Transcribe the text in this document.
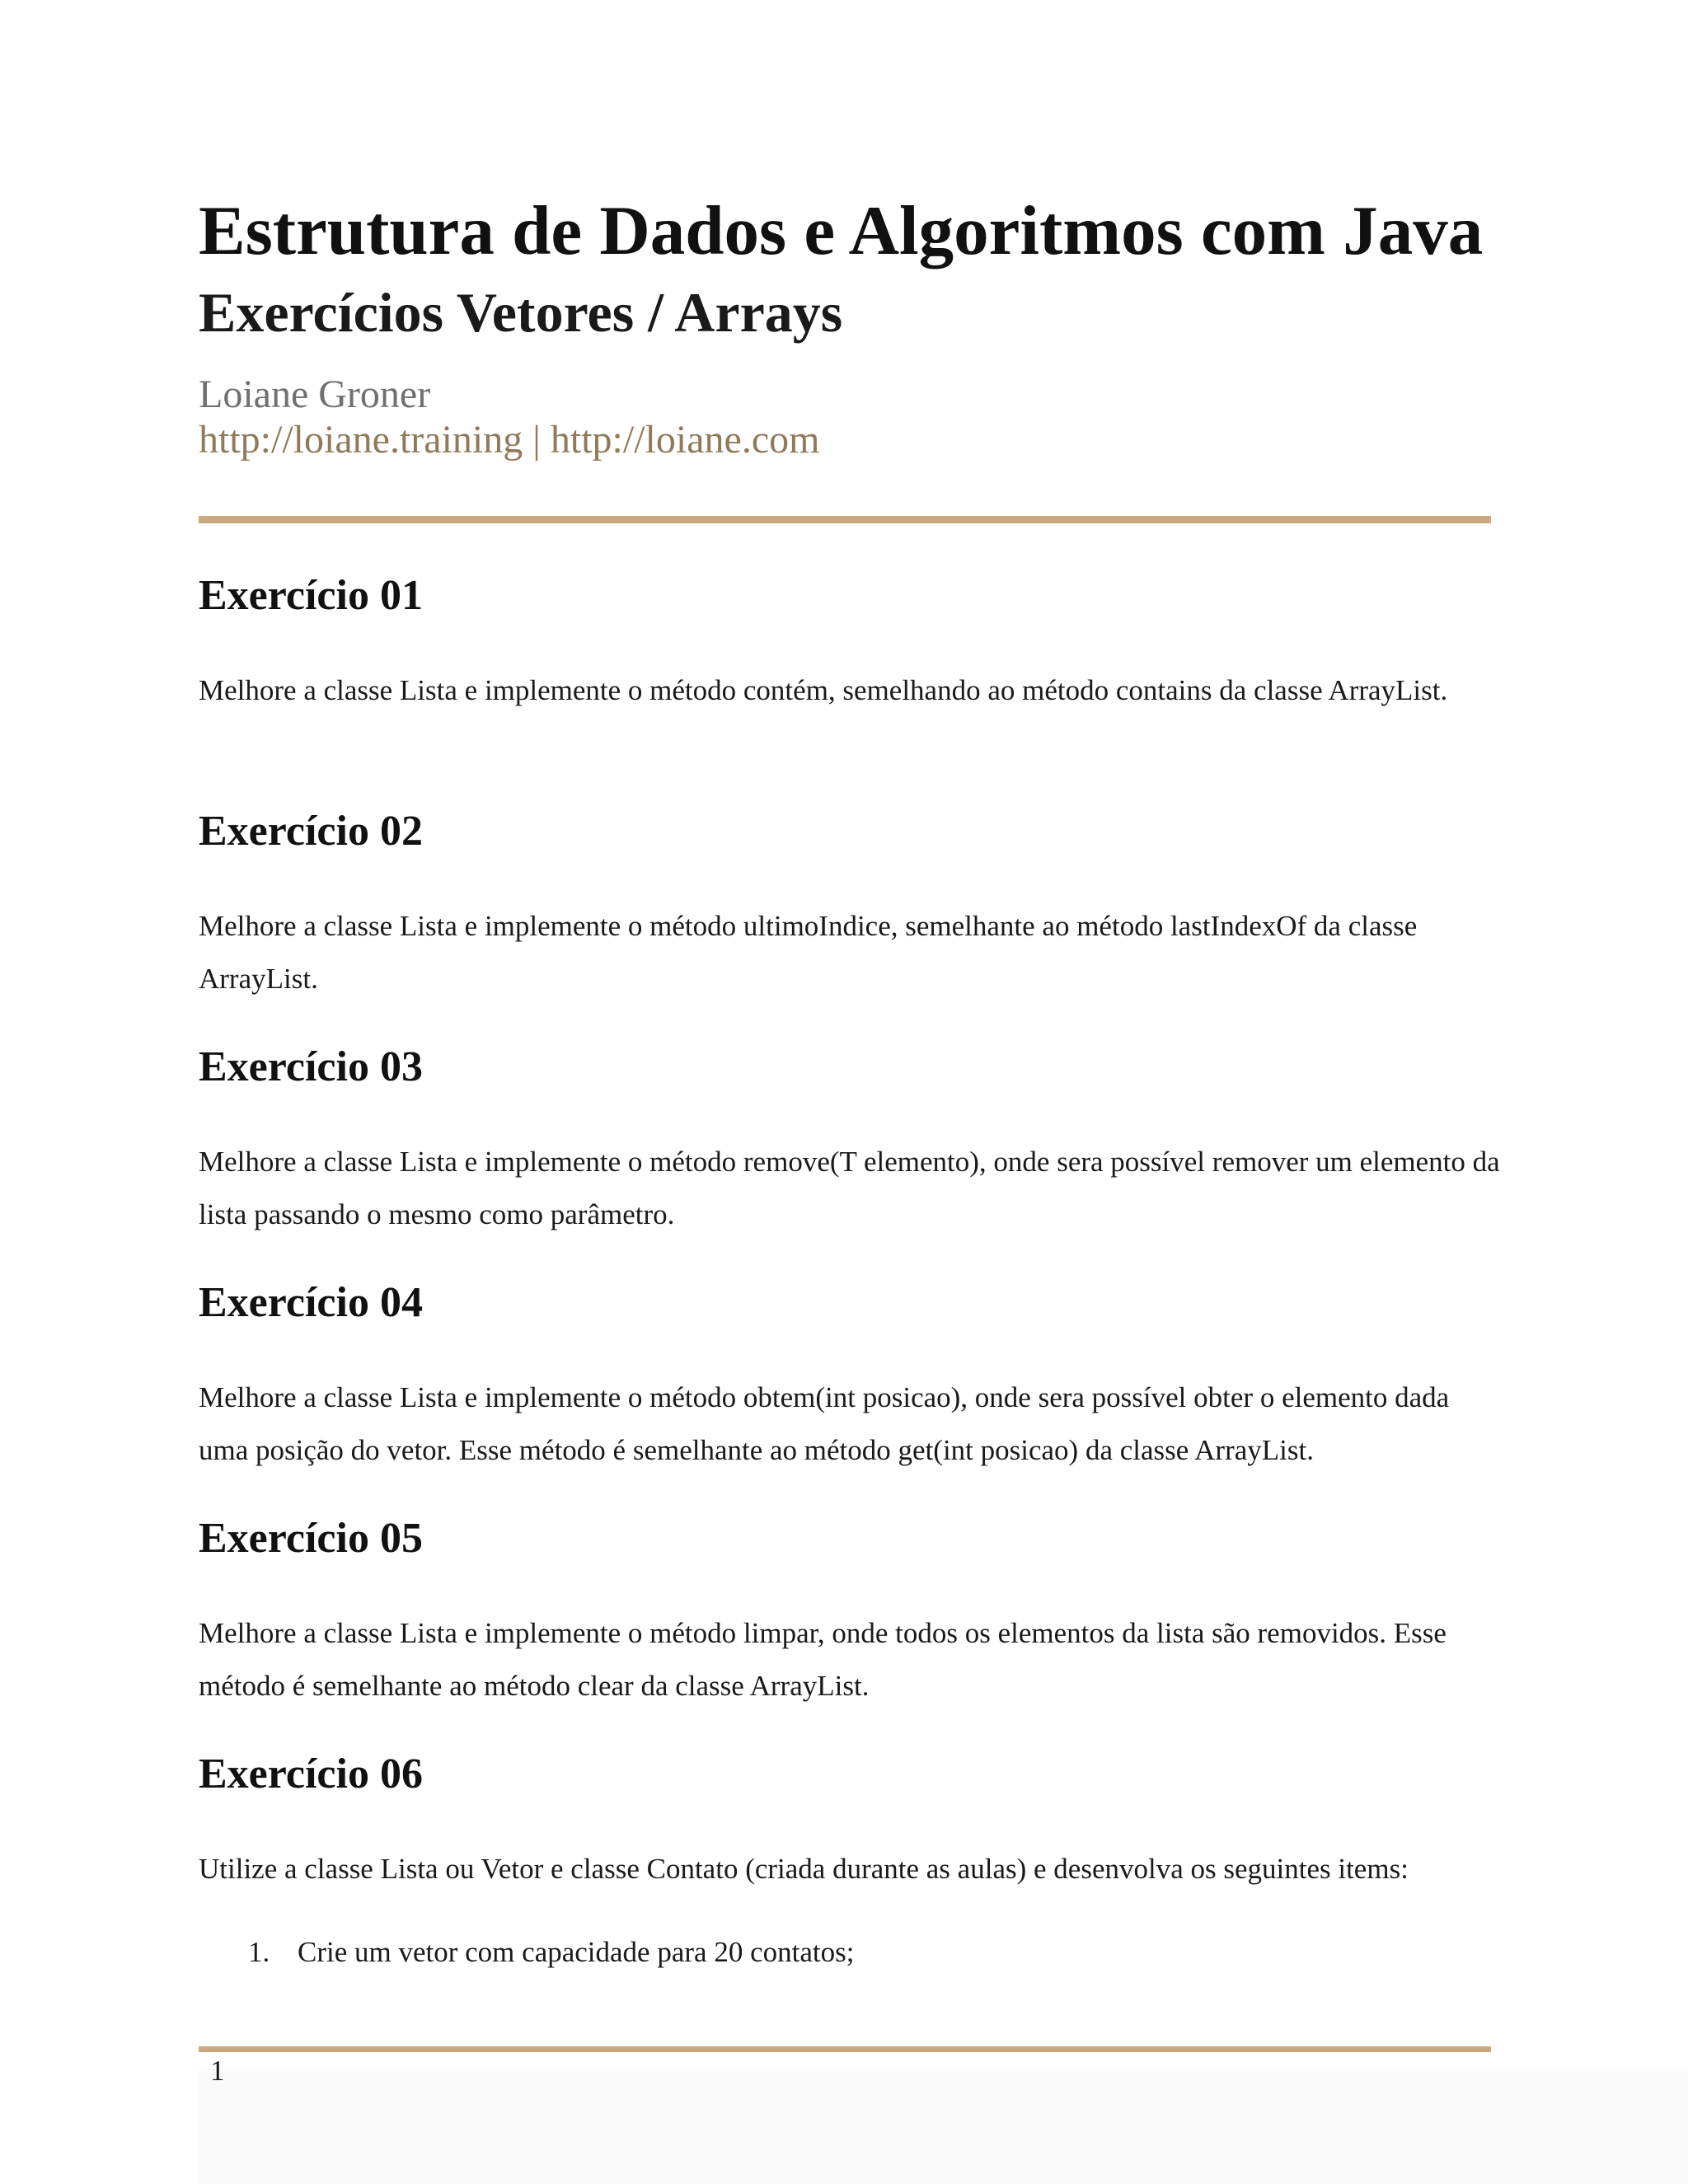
Estrutura de Dados e Algoritmos com Java
Exercícios Vetores / Arrays
Loiane Groner
http://loiane.training | http://loiane.com
Exercício 01

Melhore a classe Lista e implemente o método contém, semelhando ao método contains da classe ArrayList.

Exercício 02

Melhore a classe Lista e implemente o método ultimoIndice, semelhante ao método lastIndexOf da classe ArrayList.

Exercício 03

Melhore a classe Lista e implemente o método remove(T elemento), onde sera possível remover um elemento da lista passando o mesmo como parâmetro.

Exercício 04

Melhore a classe Lista e implemente o método obtem(int posicao), onde sera possível obter o elemento dada uma posição do vetor. Esse método é semelhante ao método get(int posicao) da classe ArrayList.

Exercício 05

Melhore a classe Lista e implemente o método limpar, onde todos os elementos da lista são removidos. Esse método é semelhante ao método clear da classe ArrayList.

Exercício 06

Utilize a classe Lista ou Vetor e classe Contato (criada durante as aulas) e desenvolva os seguintes items:

1. Crie um vetor com capacidade para 20 contatos;
1
